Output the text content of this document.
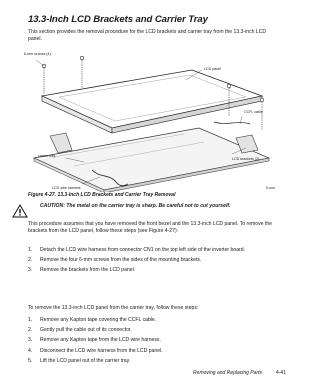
13.3-Inch LCD Brackets and Carrier Tray
This section provides the removal procedure for the LCD brackets and carrier tray from the 13.3-inch LCD panel.
6-mm screws (4)
LCD panel
CCFL cable
carrier tray
LCD brackets (2)
LCD wire harness	0-nnn
Figure 4-27. 13.3-Inch LCD Brackets and Carrier Tray Removal
CAUTION: The metal on the carrier tray is sharp. Be careful not to cut yourself.
This procedure assumes that you have removed the front bezel and the 13.3-inch LCD panel. To remove the brackets from the LCD panel, follow these steps (see Figure 4-27):
1. Detach the LCD wire harness from connector CN1 on the top left side of the inverter board.
2. Remove the four 6-mm screws from the sides of the mounting brackets.
3. Remove the brackets from the LCD panel.
To remove the 13.3-inch LCD panel from the carrier tray, follow these steps:
1. Remove any Kapton tape covering the CCFL cable.
2. Gently pull the cable out of its connector.
3. Remove any Kapton tape from the LCD wire harness.
4. Disconnect the LCD wire harness from the LCD panel.
5. Lift the LCD panel out of the carrier tray.
Removing and Replacing Parts	4-41
